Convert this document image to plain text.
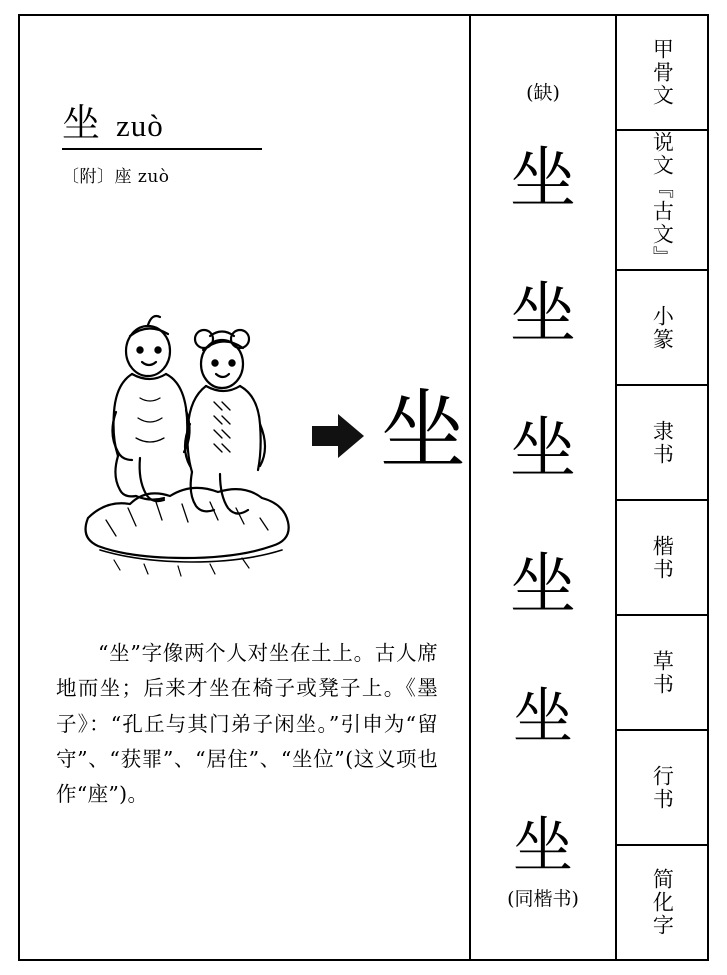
坐 zuò
〔附〕座 zuò
坐
“坐”字像两个人对坐在土上。古人席地而坐；后来才坐在椅子或凳子上。《墨子》：“孔丘与其门弟子闲坐。”引申为“留守”、“获罪”、“居住”、“坐位”(这义项也作“座”)。
(缺)
坐
坐
坐
坐
坐
坐
(同楷书)
甲骨文
说文『古文』
小篆
隶书
楷书
草书
行书
简化字
